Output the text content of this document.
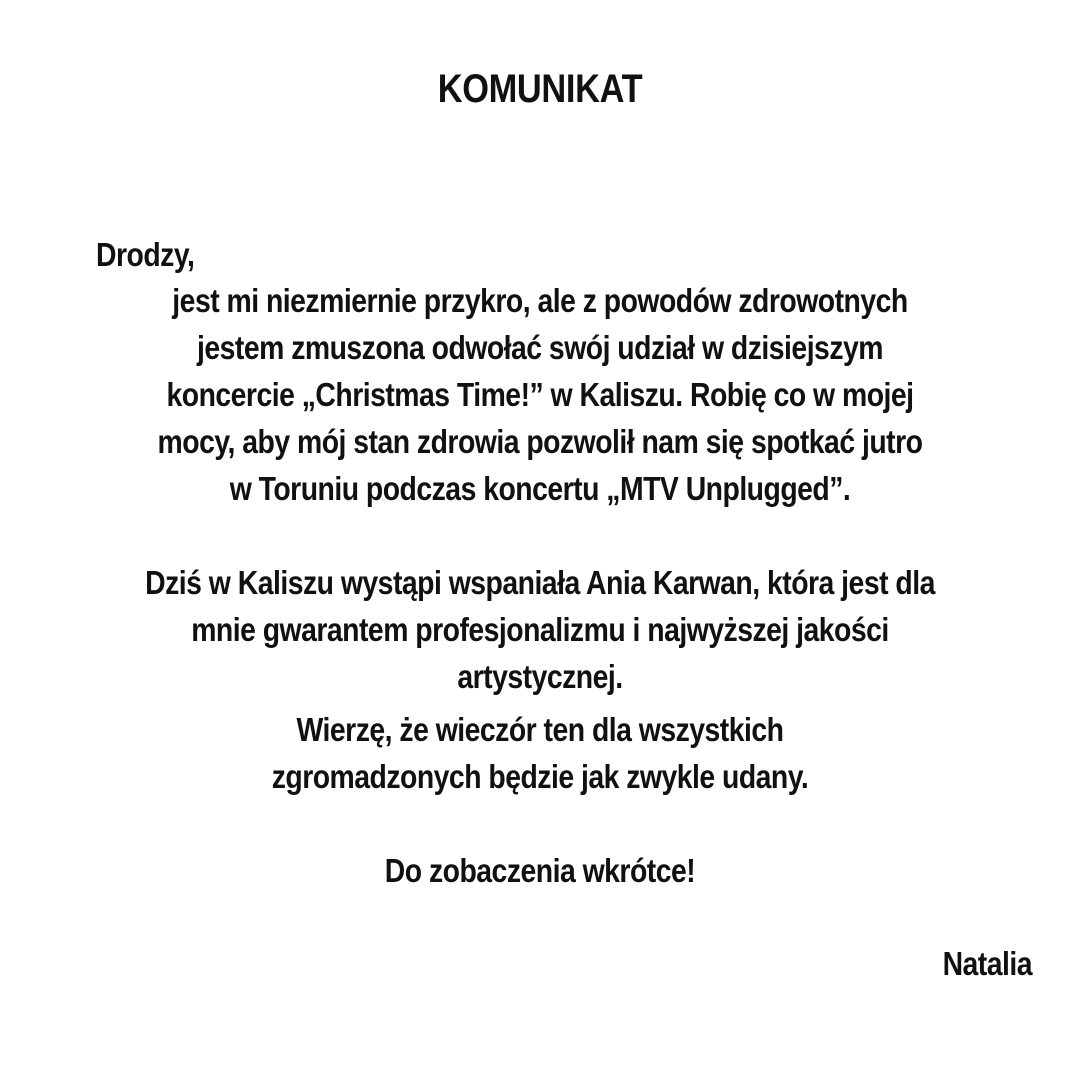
KOMUNIKAT
Drodzy,
jest mi niezmiernie przykro, ale z powodów zdrowotnych
jestem zmuszona odwołać swój udział w dzisiejszym
koncercie „Christmas Time!” w Kaliszu. Robię co w mojej
mocy, aby mój stan zdrowia pozwolił nam się spotkać jutro
w Toruniu podczas koncertu „MTV Unplugged”.
Dziś w Kaliszu wystąpi wspaniała Ania Karwan, która jest dla
mnie gwarantem profesjonalizmu i najwyższej jakości
artystycznej.
Wierzę, że wieczór ten dla wszystkich
zgromadzonych będzie jak zwykle udany.
Do zobaczenia wkrótce!
Natalia
